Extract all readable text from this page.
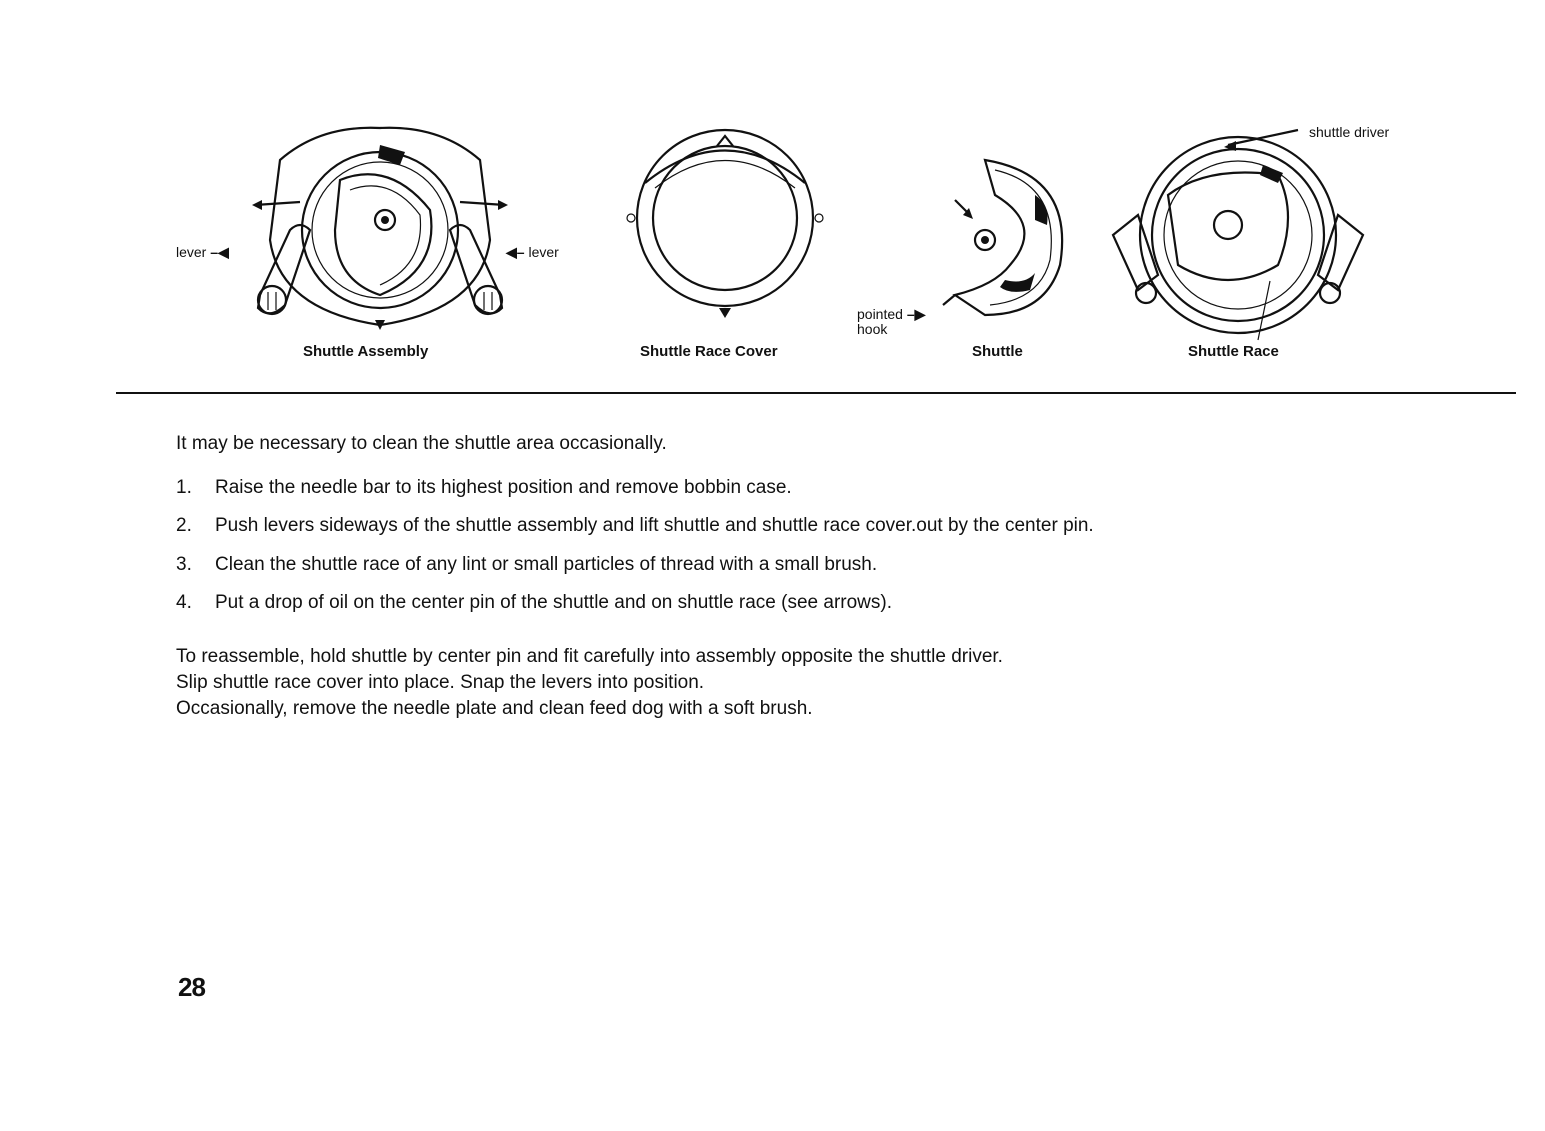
lever –◀	◀– lever
Shuttle Assembly	Shuttle Race Cover
pointed –▶
hook
Shuttle
shuttle driver
Shuttle Race
It may be necessary to clean the shuttle area occasionally.
1. Raise the needle bar to its highest position and remove bobbin case.
2. Push levers sideways of the shuttle assembly and lift shuttle and shuttle race cover.out by the center pin.
3. Clean the shuttle race of any lint or small particles of thread with a small brush.
4. Put a drop of oil on the center pin of the shuttle and on shuttle race (see arrows).
To reassemble, hold shuttle by center pin and fit carefully into assembly opposite the shuttle driver.
Slip shuttle race cover into place. Snap the levers into position.
Occasionally, remove the needle plate and clean feed dog with a soft brush.
28
